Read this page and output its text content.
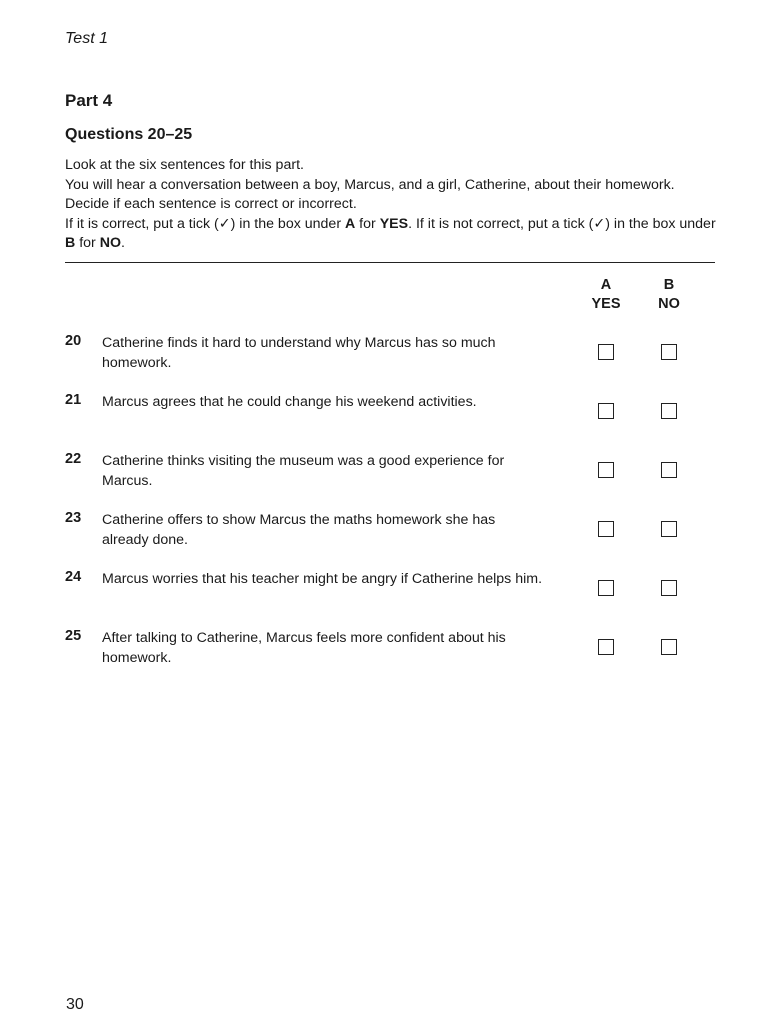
Test 1
Part 4
Questions 20–25

Look at the six sentences for this part.

You will hear a conversation between a boy, Marcus, and a girl, Catherine, about their homework.

Decide if each sentence is correct or incorrect.

If it is correct, put a tick (✓) in the box under A for YES. If it is not correct, put a tick (✓) in the box under B for NO.

A
YES
B
NO
20 Catherine finds it hard to understand why Marcus has so much homework.
21 Marcus agrees that he could change his weekend activities.
22 Catherine thinks visiting the museum was a good experience for Marcus.
23 Catherine offers to show Marcus the maths homework she has already done.
24 Marcus worries that his teacher might be angry if Catherine helps him.
25 After talking to Catherine, Marcus feels more confident about his homework.
30
